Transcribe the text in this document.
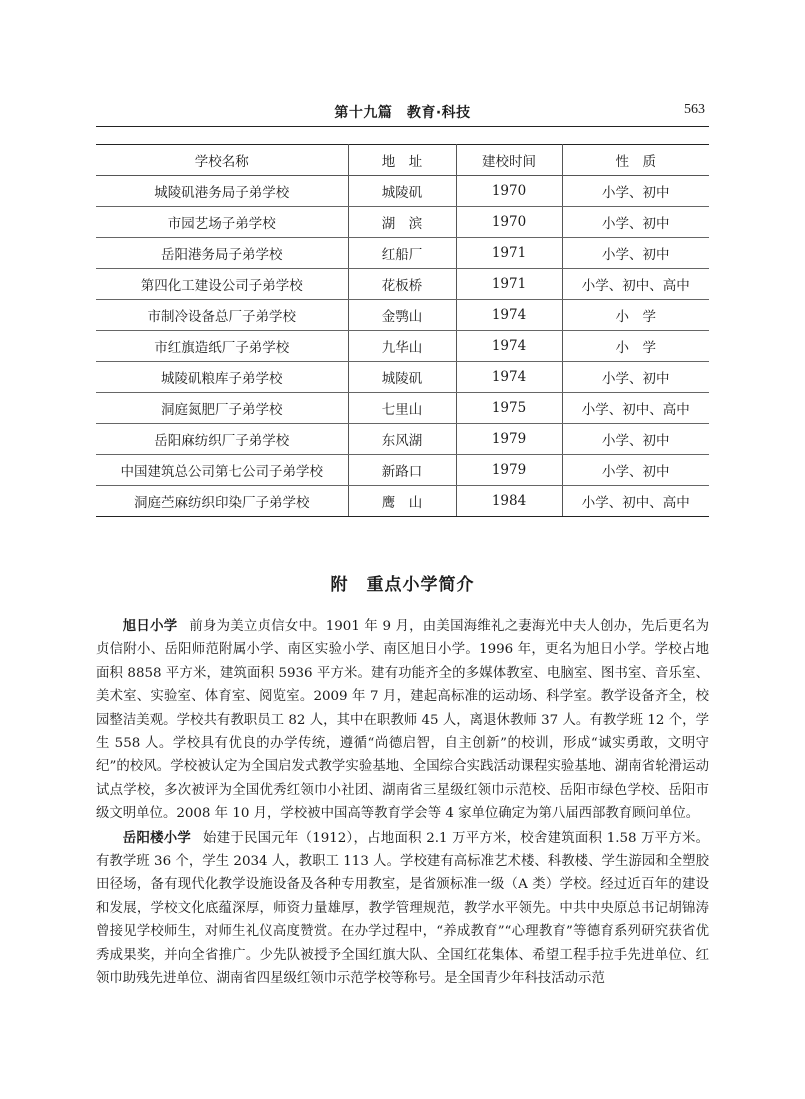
第十九篇　教育·科技	563
学校名称	地　址	建校时间	性　质
城陵矶港务局子弟学校	城陵矶	1970	小学、初中
市园艺场子弟学校	湖　滨	1970	小学、初中
岳阳港务局子弟学校	红船厂	1971	小学、初中
第四化工建设公司子弟学校	花板桥	1971	小学、初中、高中
市制冷设备总厂子弟学校	金鹗山	1974	小　学
市红旗造纸厂子弟学校	九华山	1974	小　学
城陵矶粮库子弟学校	城陵矶	1974	小学、初中
洞庭氮肥厂子弟学校	七里山	1975	小学、初中、高中
岳阳麻纺织厂子弟学校	东风湖	1979	小学、初中
中国建筑总公司第七公司子弟学校	新路口	1979	小学、初中
洞庭苎麻纺织印染厂子弟学校	鹰　山	1984	小学、初中、高中
附 重点小学简介

旭日小学 前身为美立贞信女中。1901 年 9 月，由美国海维礼之妻海光中夫人创办，先后更名为贞信附小、岳阳师范附属小学、南区实验小学、南区旭日小学。1996 年，更名为旭日小学。学校占地面积 8858 平方米，建筑面积 5936 平方米。建有功能齐全的多媒体教室、电脑室、图书室、音乐室、美术室、实验室、体育室、阅览室。2009 年 7 月，建起高标准的运动场、科学室。教学设备齐全，校园整洁美观。学校共有教职员工 82 人，其中在职教师 45 人，离退休教师 37 人。有教学班 12 个，学生 558 人。学校具有优良的办学传统，遵循“尚德启智，自主创新”的校训，形成“诚实勇敢，文明守纪”的校风。学校被认定为全国启发式教学实验基地、全国综合实践活动课程实验基地、湖南省轮滑运动试点学校，多次被评为全国优秀红领巾小社团、湖南省三星级红领巾示范校、岳阳市绿色学校、岳阳市级文明单位。2008 年 10 月，学校被中国高等教育学会等 4 家单位确定为第八届西部教育顾问单位。

岳阳楼小学 始建于民国元年（1912），占地面积 2.1 万平方米，校舍建筑面积 1.58 万平方米。有教学班 36 个，学生 2034 人，教职工 113 人。学校建有高标准艺术楼、科教楼、学生游园和全塑胶田径场，备有现代化教学设施设备及各种专用教室，是省颁标准一级（A 类）学校。经过近百年的建设和发展，学校文化底蕴深厚，师资力量雄厚，教学管理规范，教学水平领先。中共中央原总书记胡锦涛曾接见学校师生，对师生礼仪高度赞赏。在办学过程中，“养成教育”“心理教育”等德育系列研究获省优秀成果奖，并向全省推广。少先队被授予全国红旗大队、全国红花集体、希望工程手拉手先进单位、红领巾助残先进单位、湖南省四星级红领巾示范学校等称号。是全国青少年科技活动示范
